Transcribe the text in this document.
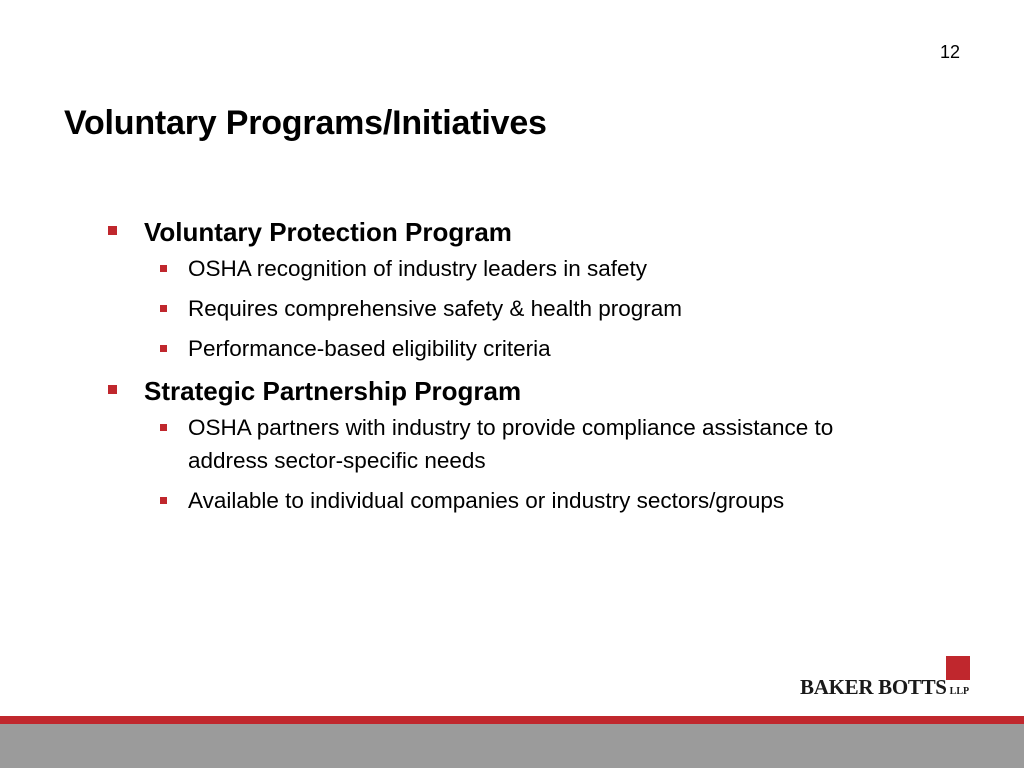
12
Voluntary Programs/Initiatives
Voluntary Protection Program
OSHA recognition of industry leaders in safety
Requires comprehensive safety & health program
Performance-based eligibility criteria
Strategic Partnership Program
OSHA partners with industry to provide compliance assistance to address sector-specific needs
Available to individual companies or industry sectors/groups
BAKER BOTTS LLP
